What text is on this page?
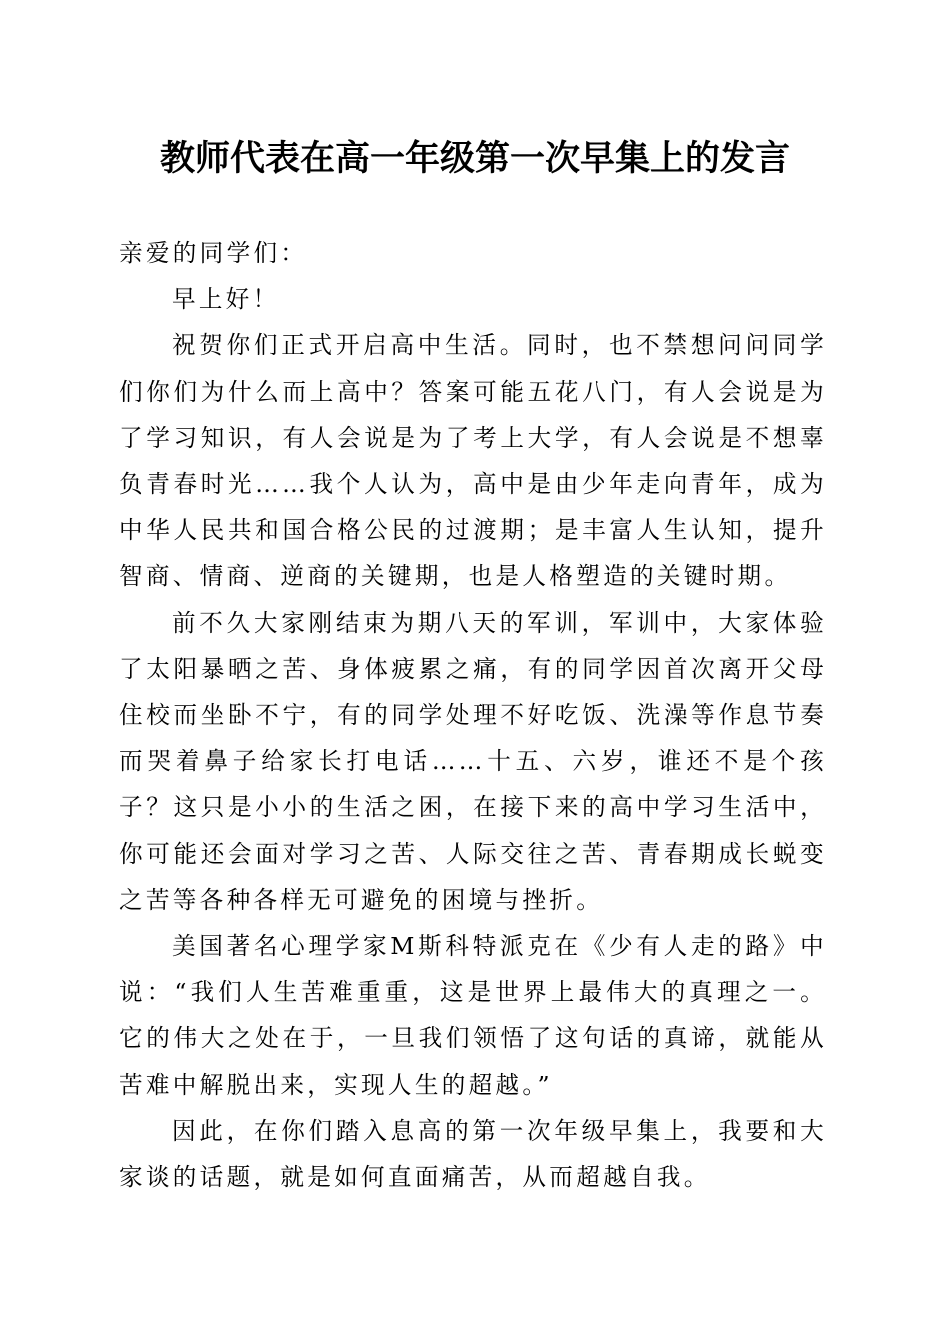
教师代表在高一年级第一次早集上的发言

亲爱的同学们：

早上好！

祝贺你们正式开启高中生活。同时，也不禁想问问同学们你们为什么而上高中？答案可能五花八门，有人会说是为了学习知识，有人会说是为了考上大学，有人会说是不想辜负青春时光……我个人认为，高中是由少年走向青年，成为中华人民共和国合格公民的过渡期；是丰富人生认知，提升智商、情商、逆商的关键期，也是人格塑造的关键时期。

前不久大家刚结束为期八天的军训，军训中，大家体验了太阳暴晒之苦、身体疲累之痛，有的同学因首次离开父母住校而坐卧不宁，有的同学处理不好吃饭、洗澡等作息节奏而哭着鼻子给家长打电话……十五、六岁，谁还不是个孩子？这只是小小的生活之困，在接下来的高中学习生活中，你可能还会面对学习之苦、人际交往之苦、青春期成长蜕变之苦等各种各样无可避免的困境与挫折。

美国著名心理学家M斯科特派克在《少有人走的路》中说：“我们人生苦难重重，这是世界上最伟大的真理之一。它的伟大之处在于，一旦我们领悟了这句话的真谛，就能从苦难中解脱出来，实现人生的超越。”

因此，在你们踏入息高的第一次年级早集上，我要和大家谈的话题，就是如何直面痛苦，从而超越自我。
